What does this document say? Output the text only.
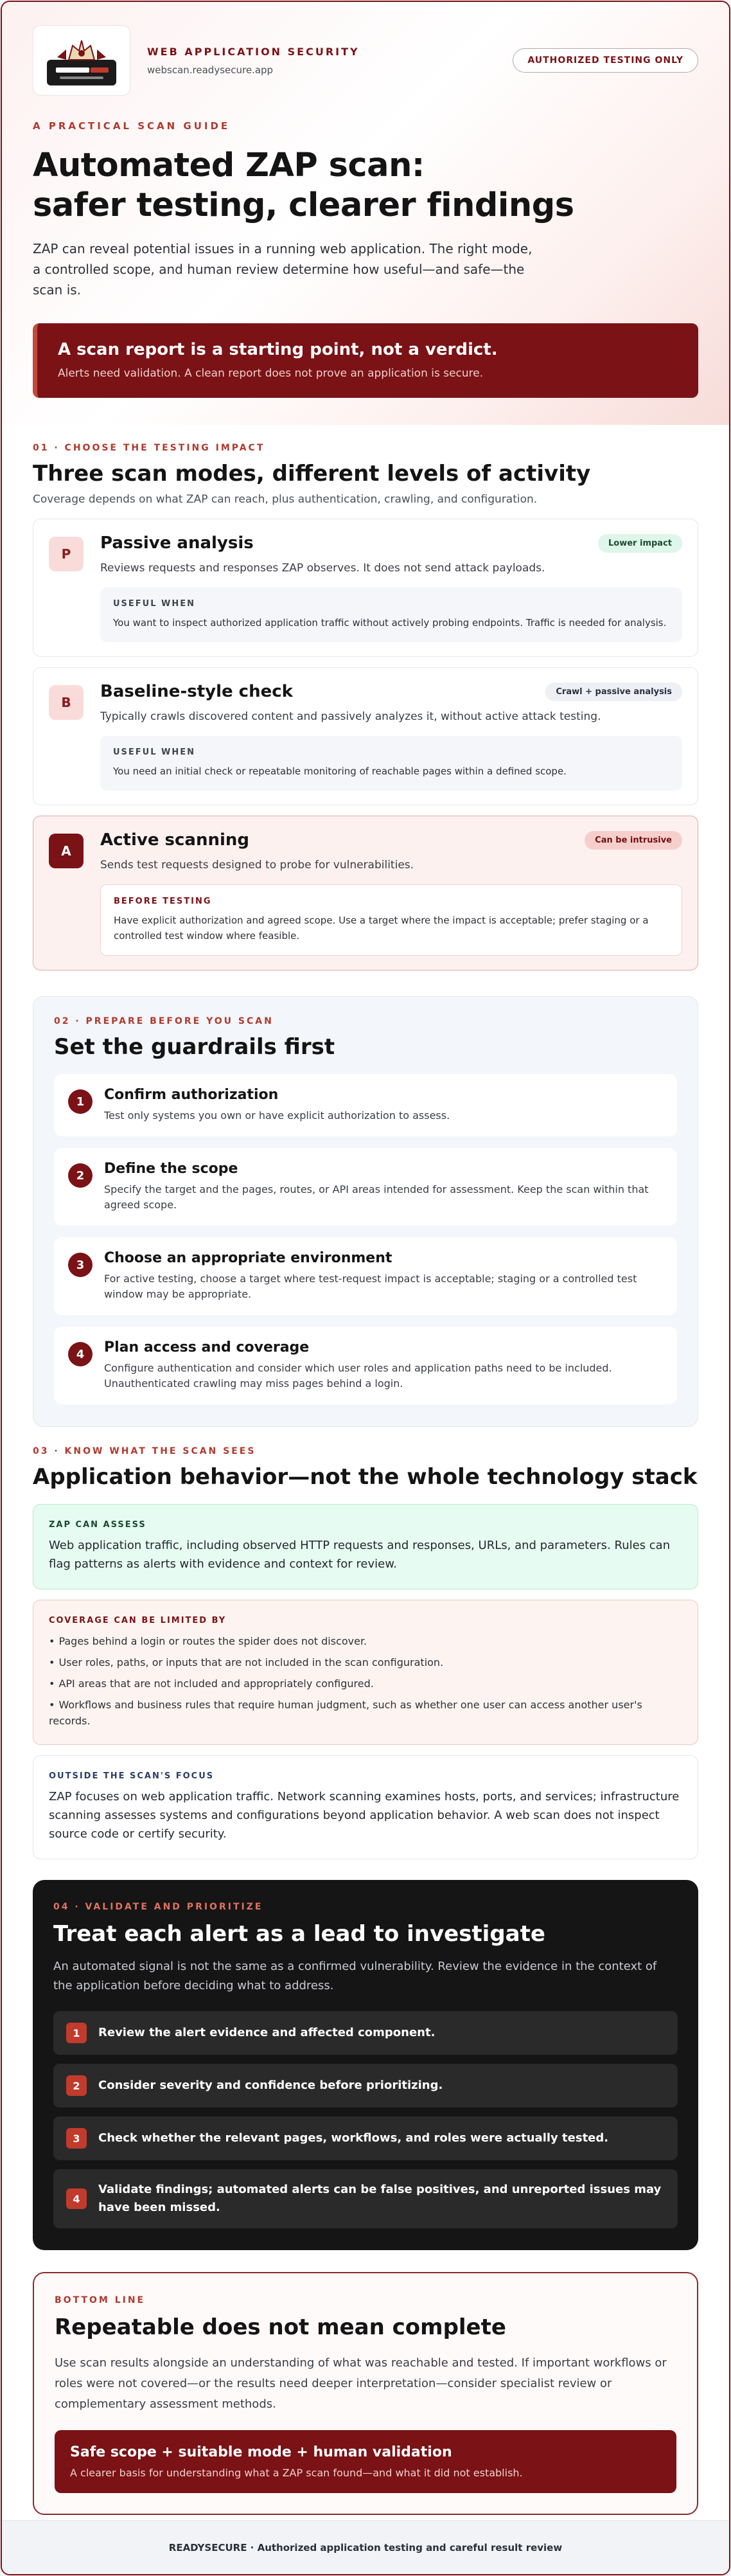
WEB APPLICATION SECURITY
webscan.readysecure.app
AUTHORIZED TESTING ONLY
A PRACTICAL SCAN GUIDE
Automated ZAP scan:
safer testing, clearer findings
ZAP can reveal potential issues in a running web application. The right mode, a controlled scope, and human review determine how useful—and safe—the scan is.
A scan report is a starting point, not a verdict.
Alerts need validation. A clean report does not prove an application is secure.
01 · CHOOSE THE TESTING IMPACT
Three scan modes, different levels of activity
Coverage depends on what ZAP can reach, plus authentication, crawling, and configuration.
P
Passive analysis	Lower impact
Reviews requests and responses ZAP observes. It does not send attack payloads.
USEFUL WHEN
You want to inspect authorized application traffic without actively probing endpoints. Traffic is needed for analysis.
B
Baseline-style check	Crawl + passive analysis
Typically crawls discovered content and passively analyzes it, without active attack testing.
USEFUL WHEN
You need an initial check or repeatable monitoring of reachable pages within a defined scope.
A
Active scanning	Can be intrusive
Sends test requests designed to probe for vulnerabilities.
BEFORE TESTING
Have explicit authorization and agreed scope. Use a target where the impact is acceptable; prefer staging or a controlled test window where feasible.
02 · PREPARE BEFORE YOU SCAN
Set the guardrails first
1	Confirm authorization
Test only systems you own or have explicit authorization to assess.
2	Define the scope
Specify the target and the pages, routes, or API areas intended for assessment. Keep the scan within that agreed scope.
3	Choose an appropriate environment
For active testing, choose a target where test-request impact is acceptable; staging or a controlled test window may be appropriate.
4	Plan access and coverage
Configure authentication and consider which user roles and application paths need to be included. Unauthenticated crawling may miss pages behind a login.
03 · KNOW WHAT THE SCAN SEES
Application behavior—not the whole technology stack
ZAP CAN ASSESS
Web application traffic, including observed HTTP requests and responses, URLs, and parameters. Rules can flag patterns as alerts with evidence and context for review.
COVERAGE CAN BE LIMITED BY
• Pages behind a login or routes the spider does not discover.
• User roles, paths, or inputs that are not included in the scan configuration.
• API areas that are not included and appropriately configured.
• Workflows and business rules that require human judgment, such as whether one user can access another user's records.
OUTSIDE THE SCAN'S FOCUS
ZAP focuses on web application traffic. Network scanning examines hosts, ports, and services; infrastructure scanning assesses systems and configurations beyond application behavior. A web scan does not inspect source code or certify security.
04 · VALIDATE AND PRIORITIZE
Treat each alert as a lead to investigate
An automated signal is not the same as a confirmed vulnerability. Review the evidence in the context of the application before deciding what to address.
1	Review the alert evidence and affected component.
2	Consider severity and confidence before prioritizing.
3	Check whether the relevant pages, workflows, and roles were actually tested.
4
Validate findings; automated alerts can be false positives, and unreported issues may have been missed.
BOTTOM LINE
Repeatable does not mean complete
Use scan results alongside an understanding of what was reachable and tested. If important workflows or roles were not covered—or the results need deeper interpretation—consider specialist review or complementary assessment methods.
Safe scope + suitable mode + human validation
A clearer basis for understanding what a ZAP scan found—and what it did not establish.
READYSECURE · Authorized application testing and careful result review
